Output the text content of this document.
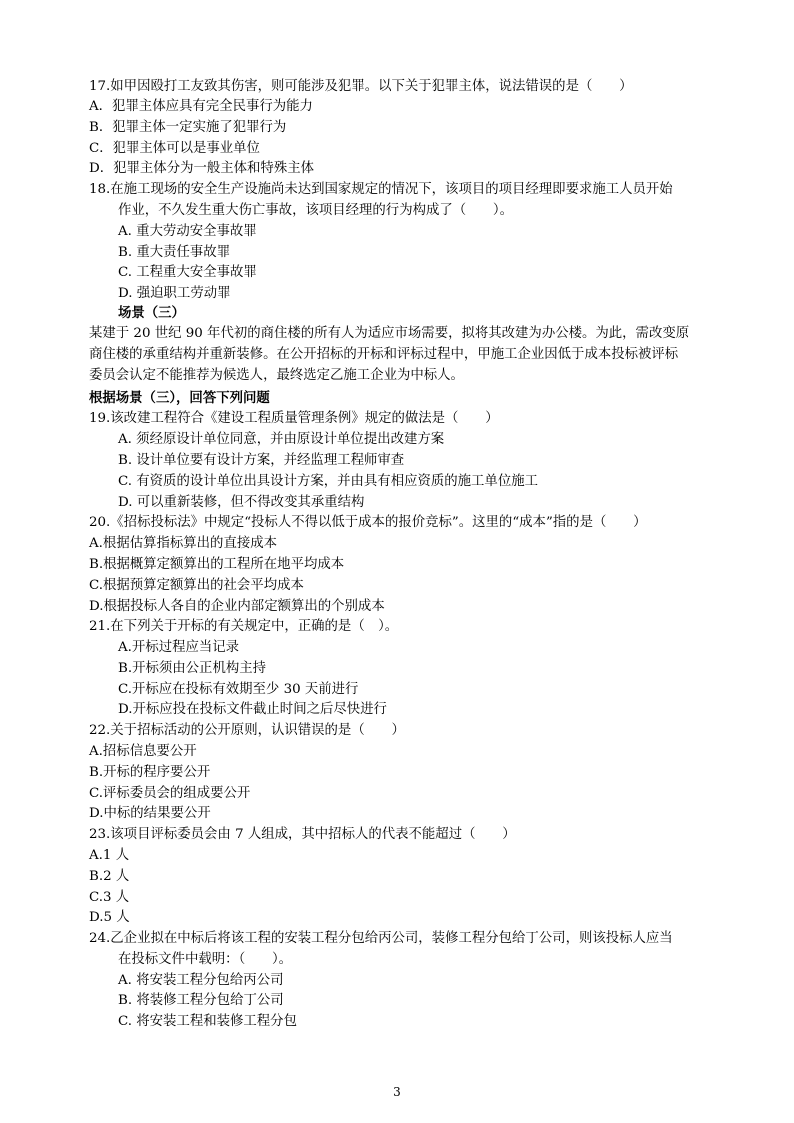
17.如甲因殴打工友致其伤害，则可能涉及犯罪。以下关于犯罪主体，说法错误的是（　　）
A．犯罪主体应具有完全民事行为能力
B．犯罪主体一定实施了犯罪行为
C．犯罪主体可以是事业单位
D．犯罪主体分为一般主体和特殊主体
18.在施工现场的安全生产设施尚未达到国家规定的情况下，该项目的项目经理即要求施工人员开始
作业，不久发生重大伤亡事故，该项目经理的行为构成了（　　）。
A. 重大劳动安全事故罪
B. 重大责任事故罪
C. 工程重大安全事故罪
D. 强迫职工劳动罪
场景（三）
某建于 20 世纪 90 年代初的商住楼的所有人为适应市场需要，拟将其改建为办公楼。为此，需改变原
商住楼的承重结构并重新装修。在公开招标的开标和评标过程中，甲施工企业因低于成本投标被评标
委员会认定不能推荐为候选人，最终选定乙施工企业为中标人。
根据场景（三），回答下列问题
19.该改建工程符合《建设工程质量管理条例》规定的做法是（　　）
A. 须经原设计单位同意，并由原设计单位提出改建方案
B. 设计单位要有设计方案，并经监理工程师审查
C. 有资质的设计单位出具设计方案，并由具有相应资质的施工单位施工
D. 可以重新装修，但不得改变其承重结构
20.《招标投标法》中规定“投标人不得以低于成本的报价竞标”。这里的“成本”指的是（　　）
A.根据估算指标算出的直接成本
B.根据概算定额算出的工程所在地平均成本
C.根据预算定额算出的社会平均成本
D.根据投标人各自的企业内部定额算出的个别成本
21.在下列关于开标的有关规定中，正确的是（　）。
A.开标过程应当记录
B.开标须由公正机构主持
C.开标应在投标有效期至少 30 天前进行
D.开标应投在投标文件截止时间之后尽快进行
22.关于招标活动的公开原则，认识错误的是（　　）
A.招标信息要公开
B.开标的程序要公开
C.评标委员会的组成要公开
D.中标的结果要公开
23.该项目评标委员会由 7 人组成，其中招标人的代表不能超过（　　）
A.1 人
B.2 人
C.3 人
D.5 人
24.乙企业拟在中标后将该工程的安装工程分包给丙公司，装修工程分包给丁公司，则该投标人应当
在投标文件中载明：（　　）。
A. 将安装工程分包给丙公司
B. 将装修工程分包给丁公司
C. 将安装工程和装修工程分包
3
